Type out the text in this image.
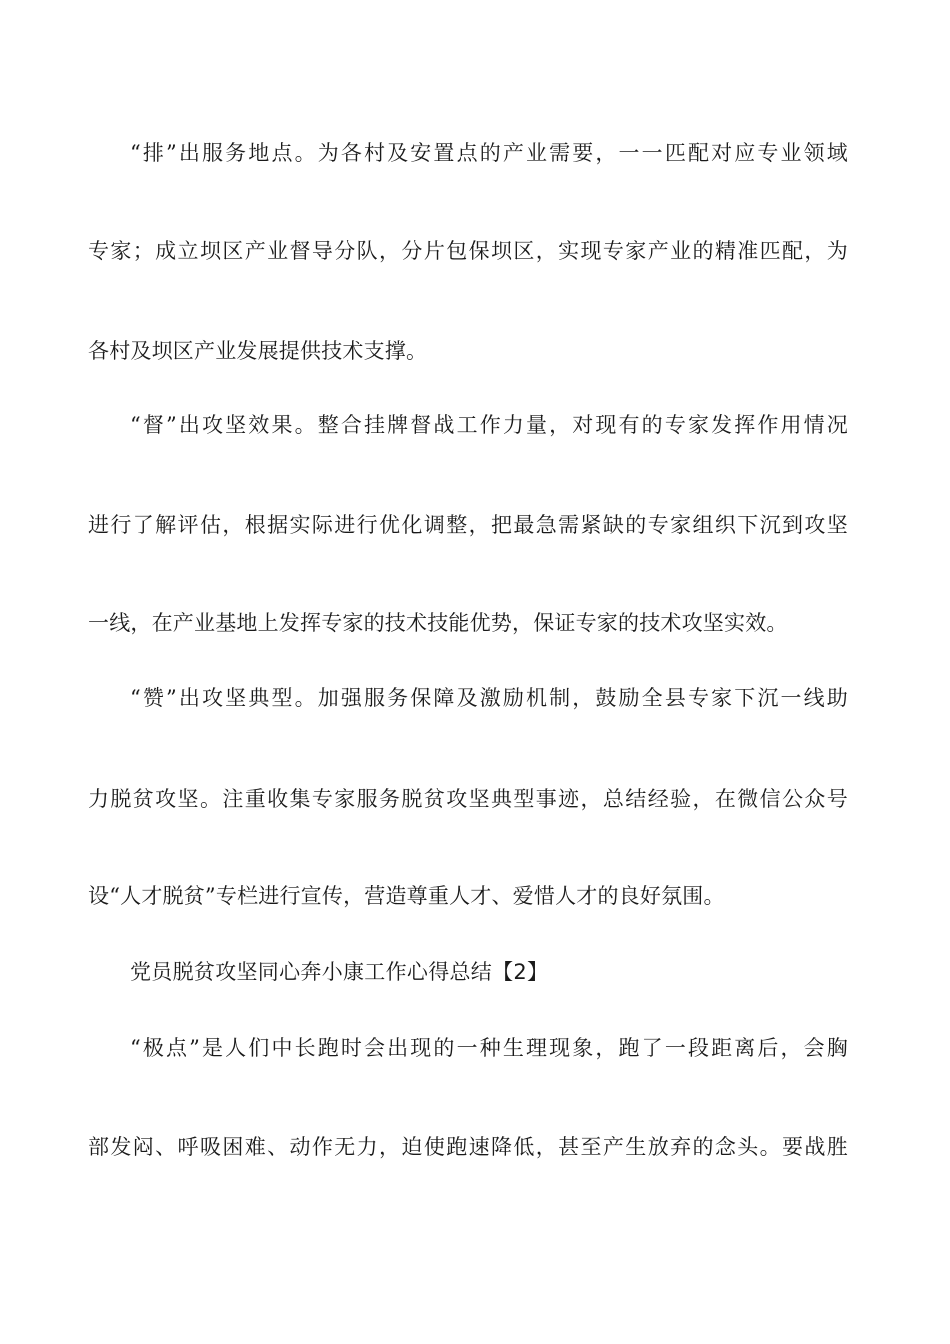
“排”出服务地点。为各村及安置点的产业需要，一一匹配对应专业领域
专家；成立坝区产业督导分队，分片包保坝区，实现专家产业的精准匹配，为
各村及坝区产业发展提供技术支撑。
“督”出攻坚效果。整合挂牌督战工作力量，对现有的专家发挥作用情况
进行了解评估，根据实际进行优化调整，把最急需紧缺的专家组织下沉到攻坚
一线，在产业基地上发挥专家的技术技能优势，保证专家的技术攻坚实效。
“赞”出攻坚典型。加强服务保障及激励机制，鼓励全县专家下沉一线助
力脱贫攻坚。注重收集专家服务脱贫攻坚典型事迹，总结经验，在微信公众号
设“人才脱贫”专栏进行宣传，营造尊重人才、爱惜人才的良好氛围。
党员脱贫攻坚同心奔小康工作心得总结【2】
“极点”是人们中长跑时会出现的一种生理现象，跑了一段距离后，会胸
部发闷、呼吸困难、动作无力，迫使跑速降低，甚至产生放弃的念头。要战胜
